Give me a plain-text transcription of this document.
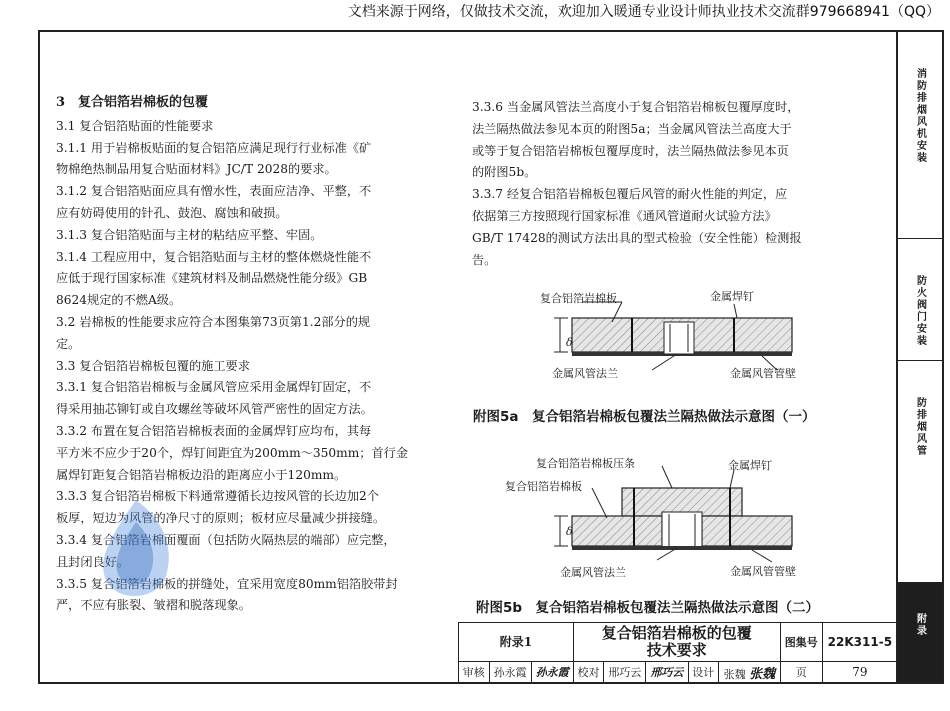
文档来源于网络，仅做技术交流，欢迎加入暖通专业设计师执业技术交流群979668941（QQ）
消防排烟风机安装
防火阀门安装
防排烟风管
附录

3　复合铝箔岩棉板的包覆

3.1 复合铝箔贴面的性能要求

3.1.1 用于岩棉板贴面的复合铝箔应满足现行行业标准《矿

物棉绝热制品用复合贴面材料》JC/T 2028的要求。

3.1.2 复合铝箔贴面应具有憎水性，表面应洁净、平整，不

应有妨碍使用的针孔、鼓泡、腐蚀和破损。

3.1.3 复合铝箔贴面与主材的粘结应平整、牢固。

3.1.4 工程应用中，复合铝箔贴面与主材的整体燃烧性能不

应低于现行国家标准《建筑材料及制品燃烧性能分级》GB

8624规定的不燃A级。

3.2 岩棉板的性能要求应符合本图集第73页第1.2部分的规

定。

3.3 复合铝箔岩棉板包覆的施工要求

3.3.1 复合铝箔岩棉板与金属风管应采用金属焊钉固定，不

得采用抽芯铆钉或自攻螺丝等破坏风管严密性的固定方法。

3.3.2 布置在复合铝箔岩棉板表面的金属焊钉应均布，其每

平方米不应少于20个，焊钉间距宜为200mm～350mm；首行金

属焊钉距复合铝箔岩棉板边沿的距离应小于120mm。

3.3.3 复合铝箔岩棉板下料通常遵循长边按风管的长边加2个

板厚，短边为风管的净尺寸的原则；板材应尽量减少拼接缝。

3.3.4 复合铝箔岩棉面覆面（包括防火隔热层的端部）应完整，

且封闭良好。

3.3.5 复合铝箔岩棉板的拼缝处，宜采用宽度80mm铝箔胶带封

严，不应有胀裂、皱褶和脱落现象。

3.3.6 当金属风管法兰高度小于复合铝箔岩棉板包覆厚度时，

法兰隔热做法参见本页的附图5a；当金属风管法兰高度大于

或等于复合铝箔岩棉板包覆厚度时，法兰隔热做法参见本页

的附图5b。

3.3.7 经复合铝箔岩棉板包覆后风管的耐火性能的判定，应

依据第三方按照现行国家标准《通风管道耐火试验方法》

GB/T 17428的测试方法出具的型式检验（安全性能）检测报

告。

复合铝箔岩棉板	金属焊钉
金属风管法兰	金属风管管壁
δ
附图5a　复合铝箔岩棉板包覆法兰隔热做法示意图（一）
复合铝箔岩棉板压条	金属焊钉
复合铝箔岩棉板
金属风管法兰	金属风管管壁
δ
附图5b　复合铝箔岩棉板包覆法兰隔热做法示意图（二）
附录1			复合铝箔岩棉板的包覆
技术要求					图集号	22K311-5
审核	孙永霞	孙永霞	校对	邢巧云	邢巧云	设计	张魏 张魏	页	79
